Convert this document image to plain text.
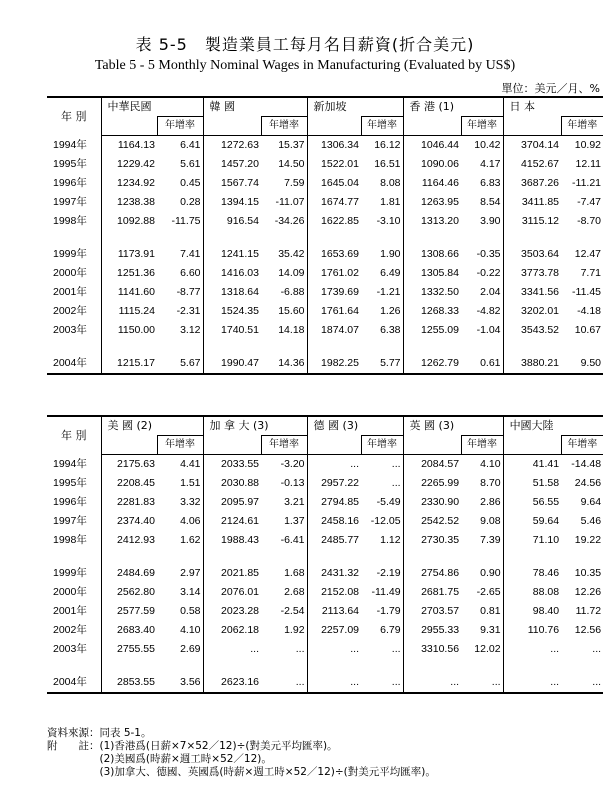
表 5-5　製造業員工每月名目薪資(折合美元)
Table 5 - 5 Monthly Nominal Wages in Manufacturing (Evaluated by US$)
單位：美元／月、%
年 別	中華民國		韓 國		新加坡		香 港 (1)		日 本	
		年增率		年增率		年增率		年增率		年增率
1994年	1164.13	6.41	1272.63	15.37	1306.34	16.12	1046.44	10.42	3704.14	10.92
1995年	1229.42	5.61	1457.20	14.50	1522.01	16.51	1090.06	4.17	4152.67	12.11
1996年	1234.92	0.45	1567.74	7.59	1645.04	8.08	1164.46	6.83	3687.26	-11.21
1997年	1238.38	0.28	1394.15	-11.07	1674.77	1.81	1263.95	8.54	3411.85	-7.47
1998年	1092.88	-11.75	916.54	-34.26	1622.85	-3.10	1313.20	3.90	3115.12	-8.70

1999年	1173.91	7.41	1241.15	35.42	1653.69	1.90	1308.66	-0.35	3503.64	12.47
2000年	1251.36	6.60	1416.03	14.09	1761.02	6.49	1305.84	-0.22	3773.78	7.71
2001年	1141.60	-8.77	1318.64	-6.88	1739.69	-1.21	1332.50	2.04	3341.56	-11.45
2002年	1115.24	-2.31	1524.35	15.60	1761.64	1.26	1268.33	-4.82	3202.01	-4.18
2003年	1150.00	3.12	1740.51	14.18	1874.07	6.38	1255.09	-1.04	3543.52	10.67

2004年	1215.17	5.67	1990.47	14.36	1982.25	5.77	1262.79	0.61	3880.21	9.50
年 別	美 國 (2)		加 拿 大 (3)		德 國 (3)		英 國 (3)		中國大陸	
		年增率		年增率		年增率		年增率		年增率
1994年	2175.63	4.41	2033.55	-3.20	...	...	2084.57	4.10	41.41	-14.48
1995年	2208.45	1.51	2030.88	-0.13	2957.22	...	2265.99	8.70	51.58	24.56
1996年	2281.83	3.32	2095.97	3.21	2794.85	-5.49	2330.90	2.86	56.55	9.64
1997年	2374.40	4.06	2124.61	1.37	2458.16	-12.05	2542.52	9.08	59.64	5.46
1998年	2412.93	1.62	1988.43	-6.41	2485.77	1.12	2730.35	7.39	71.10	19.22

1999年	2484.69	2.97	2021.85	1.68	2431.32	-2.19	2754.86	0.90	78.46	10.35
2000年	2562.80	3.14	2076.01	2.68	2152.08	-11.49	2681.75	-2.65	88.08	12.26
2001年	2577.59	0.58	2023.28	-2.54	2113.64	-1.79	2703.57	0.81	98.40	11.72
2002年	2683.40	4.10	2062.18	1.92	2257.09	6.79	2955.33	9.31	110.76	12.56
2003年	2755.55	2.69	...	...	...	...	3310.56	12.02	...	...

2004年	2853.55	3.56	2623.16	...	...	...	...	...	...	...
資料來源：同表 5-1。
附　　註：(1)香港爲(日薪×7×52／12)÷(對美元平均匯率)。
　　　　　(2)美國爲(時薪×週工時×52／12)。
　　　　　(3)加拿大、德國、英國爲(時薪×週工時×52／12)÷(對美元平均匯率)。
